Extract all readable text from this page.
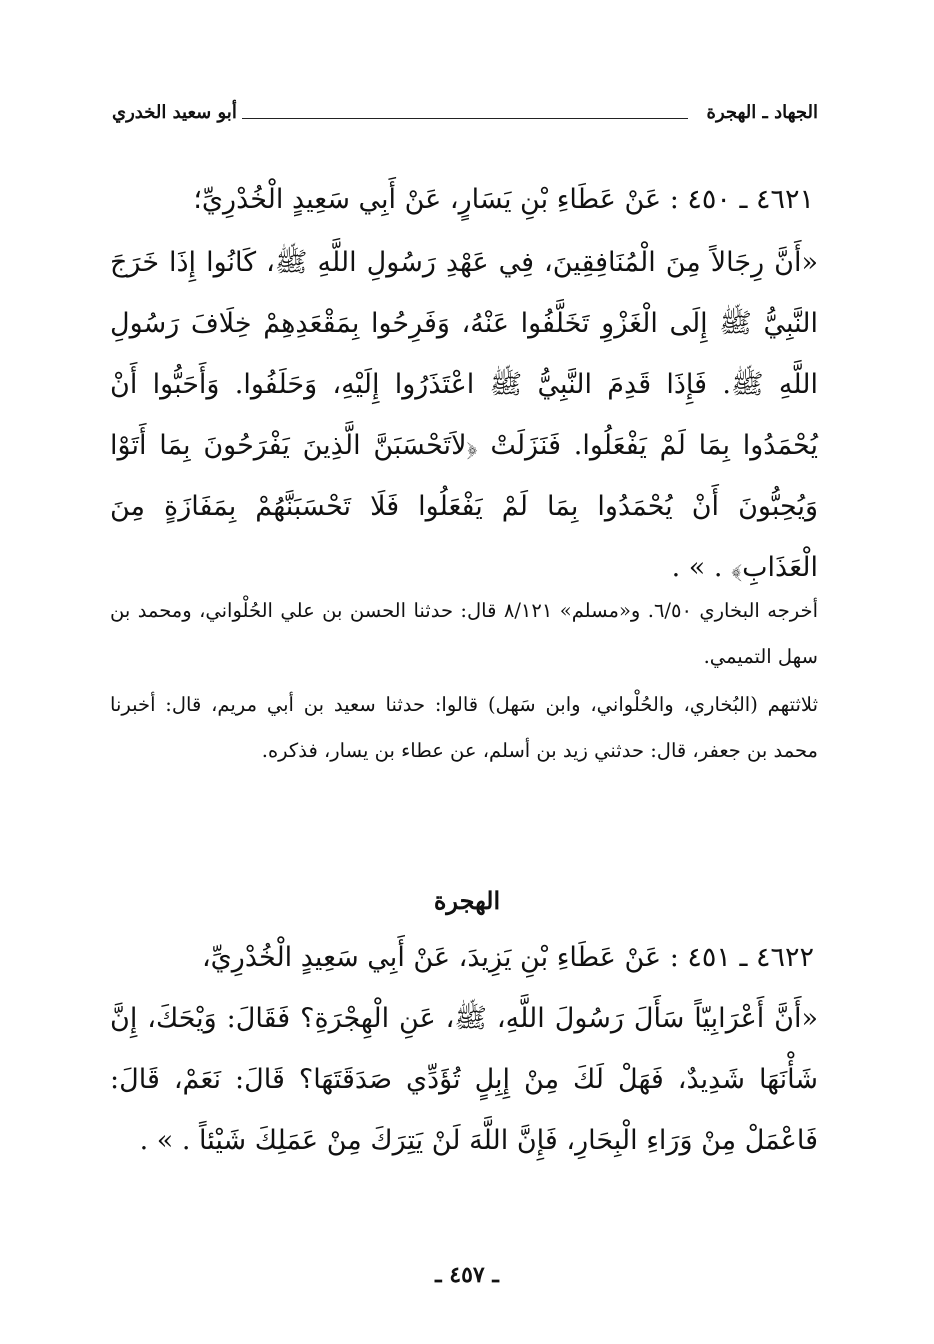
الجهاد ـ الهجرة
أبو سعيد الخدري
٤٦٢١ ـ ٤٥٠ : عَنْ عَطَاءِ بْنِ يَسَارٍ، عَنْ أَبِي سَعِيدٍ الْخُدْرِيِّ؛
«أَنَّ رِجَالاً مِنَ الْمُنَافِقِينَ، فِي عَهْدِ رَسُولِ اللَّهِ ﷺ، كَانُوا إِذَا خَرَجَ النَّبِيُّ ﷺ إِلَى الْغَزْوِ تَخَلَّفُوا عَنْهُ، وَفَرِحُوا بِمَقْعَدِهِمْ خِلَافَ رَسُولِ اللَّهِ ﷺ. فَإِذَا قَدِمَ النَّبِيُّ ﷺ اعْتَذَرُوا إِلَيْهِ، وَحَلَفُوا. وَأَحَبُّوا أَنْ يُحْمَدُوا بِمَا لَمْ يَفْعَلُوا. فَنَزَلَتْ ﴿لاَتَحْسَبَنَّ الَّذِينَ يَفْرَحُونَ بِمَا أَتَوْا وَيُحِبُّونَ أَنْ يُحْمَدُوا بِمَا لَمْ يَفْعَلُوا فَلَا تَحْسَبَنَّهُمْ بِمَفَازَةٍ مِنَ الْعَذَابِ﴾ . » .
أخرجه البخاري ٦/٥٠. و«مسلم» ٨/١٢١ قال: حدثنا الحسن بن علي الحُلْواني، ومحمد بن سهل التميمي.
ثلاثتهم (البُخاري، والحُلْواني، وابن سَهل) قالوا: حدثنا سعيد بن أبي مريم، قال: أخبرنا محمد بن جعفر، قال: حدثني زيد بن أسلم، عن عطاء بن يسار، فذكره.
الهجرة
٤٦٢٢ ـ ٤٥١ : عَنْ عَطَاءِ بْنِ يَزِيدَ، عَنْ أَبِي سَعِيدٍ الْخُدْرِيِّ،
«أَنَّ أَعْرَابِيّاً سَأَلَ رَسُولَ اللَّهِ، ﷺ، عَنِ الْهِجْرَةِ؟ فَقَالَ: وَيْحَكَ، إِنَّ شَأْنَهَا شَدِيدٌ، فَهَلْ لَكَ مِنْ إِبِلٍ تُؤَدِّي صَدَقَتَهَا؟ قَالَ: نَعَمْ، قَالَ: فَاعْمَلْ مِنْ وَرَاءِ الْبِحَارِ، فَإِنَّ اللَّهَ لَنْ يَتِرَكَ مِنْ عَمَلِكَ شَيْئاً . » .
ـ ٤٥٧ ـ
